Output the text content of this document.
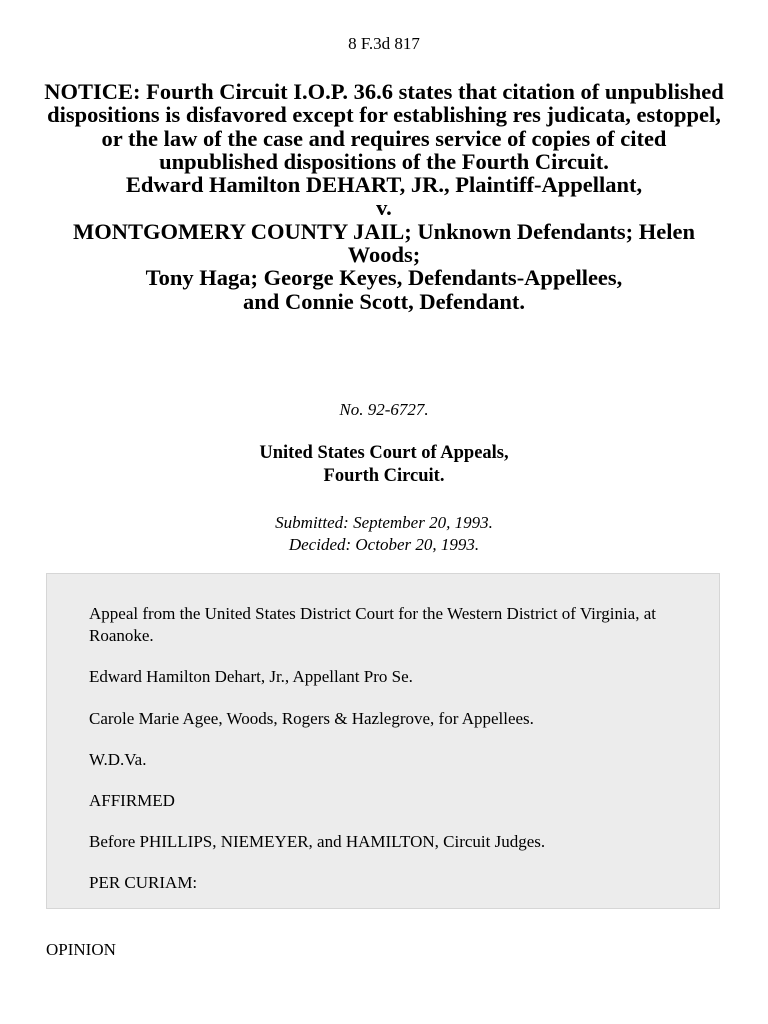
8 F.3d 817
NOTICE: Fourth Circuit I.O.P. 36.6 states that citation of unpublished dispositions is disfavored except for establishing res judicata, estoppel, or the law of the case and requires service of copies of cited unpublished dispositions of the Fourth Circuit.
Edward Hamilton DEHART, JR., Plaintiff-Appellant,
v.
MONTGOMERY COUNTY JAIL; Unknown Defendants; Helen Woods;
Tony Haga; George Keyes, Defendants-Appellees,
and Connie Scott, Defendant.
No. 92-6727.
United States Court of Appeals,
Fourth Circuit.
Submitted: September 20, 1993.
Decided: October 20, 1993.

Appeal from the United States District Court for the Western District of Virginia, at Roanoke.

Edward Hamilton Dehart, Jr., Appellant Pro Se.

Carole Marie Agee, Woods, Rogers & Hazlegrove, for Appellees.

W.D.Va.

AFFIRMED

Before PHILLIPS, NIEMEYER, and HAMILTON, Circuit Judges.

PER CURIAM:

OPINION
